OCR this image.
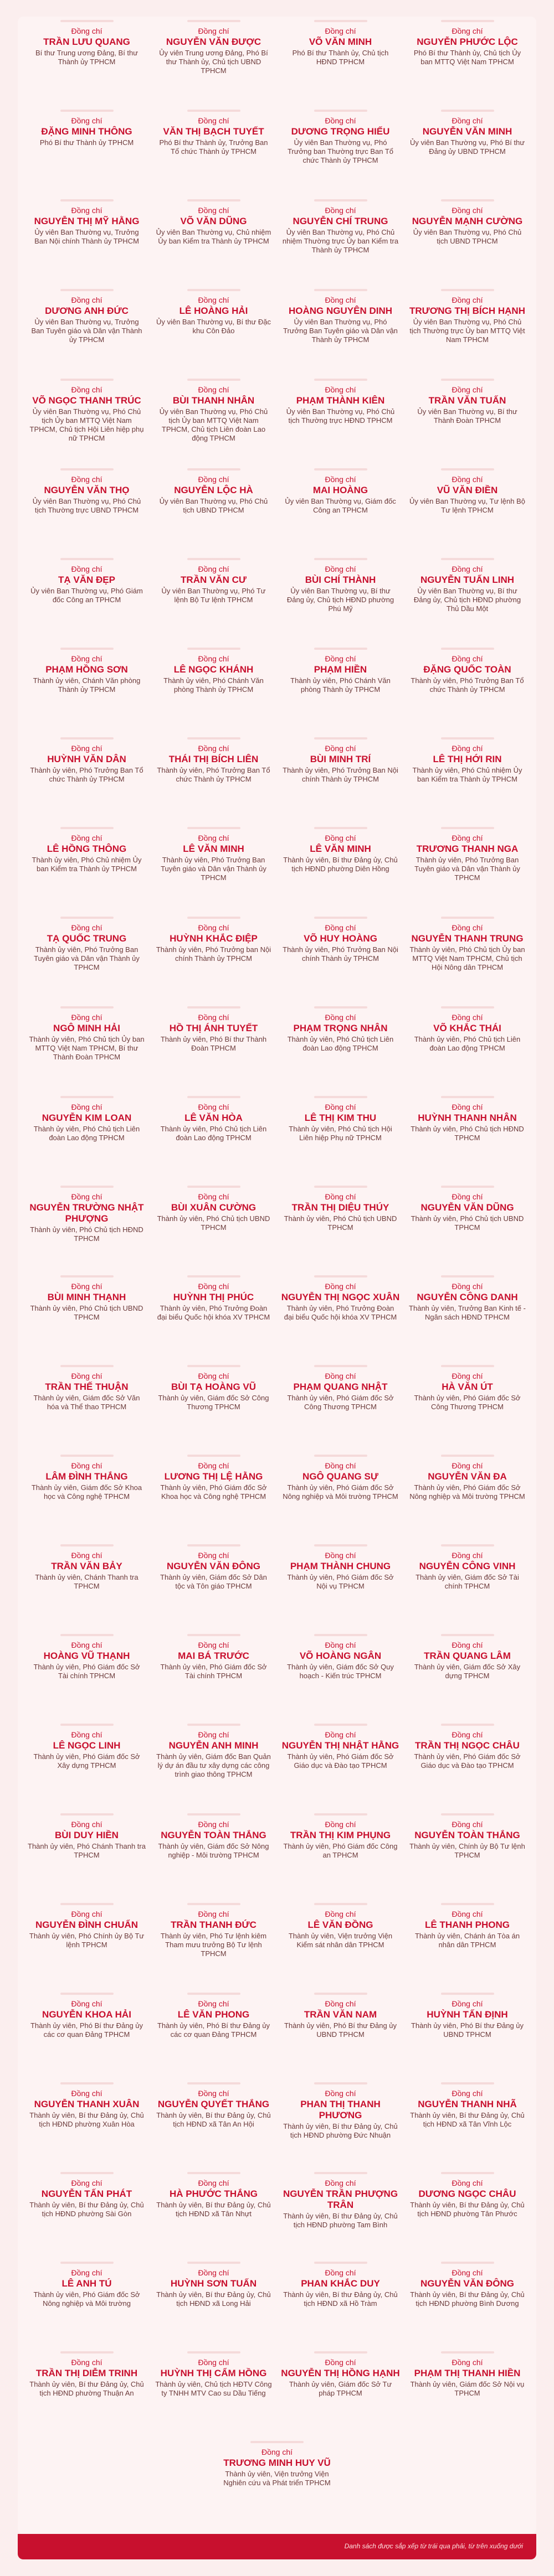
Đồng chí
TRẦN LƯU QUANG
Bí thư Trung ương Đảng, Bí thư Thành ủy TPHCM
Đồng chí
NGUYỄN VĂN ĐƯỢC
Ủy viên Trung ương Đảng, Phó Bí thư Thành ủy, Chủ tịch UBND TPHCM
Đồng chí
VÕ VĂN MINH
Phó Bí thư Thành ủy, Chủ tịch HĐND TPHCM
Đồng chí
NGUYỄN PHƯỚC LỘC
Phó Bí thư Thành ủy, Chủ tịch Ủy ban MTTQ Việt Nam TPHCM
Đồng chí
ĐẶNG MINH THÔNG
Phó Bí thư Thành ủy TPHCM
Đồng chí
VĂN THỊ BẠCH TUYẾT
Phó Bí thư Thành ủy, Trưởng Ban Tổ chức Thành ủy TPHCM
Đồng chí
DƯƠNG TRỌNG HIẾU
Ủy viên Ban Thường vụ, Phó Trưởng ban Thường trực Ban Tổ chức Thành ủy TPHCM
Đồng chí
NGUYỄN VĂN MINH
Ủy viên Ban Thường vụ, Phó Bí thư Đảng ủy UBND TPHCM
Đồng chí
NGUYỄN THỊ MỸ HẰNG
Ủy viên Ban Thường vụ, Trưởng Ban Nội chính Thành ủy TPHCM
Đồng chí
VÕ VĂN DŨNG
Ủy viên Ban Thường vụ, Chủ nhiệm Ủy ban Kiểm tra Thành ủy TPHCM
Đồng chí
NGUYỄN CHÍ TRUNG
Ủy viên Ban Thường vụ, Phó Chủ nhiệm Thường trực Ủy ban Kiểm tra Thành ủy TPHCM
Đồng chí
NGUYỄN MẠNH CƯỜNG
Ủy viên Ban Thường vụ, Phó Chủ tịch UBND TPHCM
Đồng chí
DƯƠNG ANH ĐỨC
Ủy viên Ban Thường vụ, Trưởng Ban Tuyên giáo và Dân vận Thành ủy TPHCM
Đồng chí
LÊ HOÀNG HẢI
Ủy viên Ban Thường vụ, Bí thư Đặc khu Côn Đảo
Đồng chí
HOÀNG NGUYÊN DINH
Ủy viên Ban Thường vụ, Phó Trưởng Ban Tuyên giáo và Dân vận Thành ủy TPHCM
Đồng chí
TRƯƠNG THỊ BÍCH HẠNH
Ủy viên Ban Thường vụ, Phó Chủ tịch Thường trực Ủy ban MTTQ Việt Nam TPHCM
Đồng chí
VÕ NGỌC THANH TRÚC
Ủy viên Ban Thường vụ, Phó Chủ tịch Ủy ban MTTQ Việt Nam TPHCM, Chủ tịch Hội Liên hiệp phụ nữ TPHCM
Đồng chí
BÙI THANH NHÂN
Ủy viên Ban Thường vụ, Phó Chủ tịch Ủy ban MTTQ Việt Nam TPHCM, Chủ tịch Liên đoàn Lao động TPHCM
Đồng chí
PHẠM THÀNH KIÊN
Ủy viên Ban Thường vụ, Phó Chủ tịch Thường trực HĐND TPHCM
Đồng chí
TRẦN VĂN TUẤN
Ủy viên Ban Thường vụ, Bí thư Thành Đoàn TPHCM
Đồng chí
NGUYỄN VĂN THỌ
Ủy viên Ban Thường vụ, Phó Chủ tịch Thường trực UBND TPHCM
Đồng chí
NGUYỄN LỘC HÀ
Ủy viên Ban Thường vụ, Phó Chủ tịch UBND TPHCM
Đồng chí
MAI HOÀNG
Ủy viên Ban Thường vụ, Giám đốc Công an TPHCM
Đồng chí
VŨ VĂN ĐIỀN
Ủy viên Ban Thường vụ, Tư lệnh Bộ Tư lệnh TPHCM
Đồng chí
TẠ VĂN ĐẸP
Ủy viên Ban Thường vụ, Phó Giám đốc Công an TPHCM
Đồng chí
TRẦN VĂN CƯ
Ủy viên Ban Thường vụ, Phó Tư lệnh Bộ Tư lệnh TPHCM
Đồng chí
BÙI CHÍ THÀNH
Ủy viên Ban Thường vụ, Bí thư Đảng ủy, Chủ tịch HĐND phường Phú Mỹ
Đồng chí
NGUYỄN TUẤN LINH
Ủy viên Ban Thường vụ, Bí thư Đảng ủy, Chủ tịch HĐND phường Thủ Dầu Một
Đồng chí
PHẠM HỒNG SƠN
Thành ủy viên, Chánh Văn phòng Thành ủy TPHCM
Đồng chí
LÊ NGỌC KHÁNH
Thành ủy viên, Phó Chánh Văn phòng Thành ủy TPHCM
Đồng chí
PHẠM HIỀN
Thành ủy viên, Phó Chánh Văn phòng Thành ủy TPHCM
Đồng chí
ĐẶNG QUỐC TOÀN
Thành ủy viên, Phó Trưởng Ban Tổ chức Thành ủy TPHCM
Đồng chí
HUỲNH VĂN DÂN
Thành ủy viên, Phó Trưởng Ban Tổ chức Thành ủy TPHCM
Đồng chí
THÁI THỊ BÍCH LIÊN
Thành ủy viên, Phó Trưởng Ban Tổ chức Thành ủy TPHCM
Đồng chí
BÙI MINH TRÍ
Thành ủy viên, Phó Trưởng Ban Nội chính Thành ủy TPHCM
Đồng chí
LÊ THỊ HỚI RIN
Thành ủy viên, Phó Chủ nhiệm Ủy ban Kiểm tra Thành ủy TPHCM
Đồng chí
LÊ HỒNG THÔNG
Thành ủy viên, Phó Chủ nhiệm Ủy ban Kiểm tra Thành ủy TPHCM
Đồng chí
LÊ VĂN MINH
Thành ủy viên, Phó Trưởng Ban Tuyên giáo và Dân vận Thành ủy TPHCM
Đồng chí
LÊ VĂN MINH
Thành ủy viên, Bí thư Đảng ủy, Chủ tịch HĐND phường Diên Hồng
Đồng chí
TRƯƠNG THANH NGA
Thành ủy viên, Phó Trưởng Ban Tuyên giáo và Dân vận Thành ủy TPHCM
Đồng chí
TẠ QUỐC TRUNG
Thành ủy viên, Phó Trưởng Ban Tuyên giáo và Dân vận Thành ủy TPHCM
Đồng chí
HUỲNH KHẮC ĐIỆP
Thành ủy viên, Phó Trưởng ban Nội chính Thành ủy TPHCM
Đồng chí
VÕ HUY HOÀNG
Thành ủy viên, Phó Trưởng Ban Nội chính Thành ủy TPHCM
Đồng chí
NGUYỄN THANH TRUNG
Thành ủy viên, Phó Chủ tịch Ủy ban MTTQ Việt Nam TPHCM, Chủ tịch Hội Nông dân TPHCM
Đồng chí
NGÔ MINH HẢI
Thành ủy viên, Phó Chủ tịch Ủy ban MTTQ Việt Nam TPHCM, Bí thư Thành Đoàn TPHCM
Đồng chí
HỒ THỊ ÁNH TUYẾT
Thành ủy viên, Phó Bí thư Thành Đoàn TPHCM
Đồng chí
PHẠM TRỌNG NHÂN
Thành ủy viên, Phó Chủ tịch Liên đoàn Lao động TPHCM
Đồng chí
VÕ KHẮC THÁI
Thành ủy viên, Phó Chủ tịch Liên đoàn Lao động TPHCM
Đồng chí
NGUYỄN KIM LOAN
Thành ủy viên, Phó Chủ tịch Liên đoàn Lao động TPHCM
Đồng chí
LÊ VĂN HÒA
Thành ủy viên, Phó Chủ tịch Liên đoàn Lao động TPHCM
Đồng chí
LÊ THỊ KIM THU
Thành ủy viên, Phó Chủ tịch Hội Liên hiệp Phụ nữ TPHCM
Đồng chí
HUỲNH THANH NHÂN
Thành ủy viên, Phó Chủ tịch HĐND TPHCM
Đồng chí
NGUYỄN TRƯỜNG NHẬT PHƯỢNG
Thành ủy viên, Phó Chủ tịch HĐND TPHCM
Đồng chí
BÙI XUÂN CƯỜNG
Thành ủy viên, Phó Chủ tịch UBND TPHCM
Đồng chí
TRẦN THỊ DIỆU THÚY
Thành ủy viên, Phó Chủ tịch UBND TPHCM
Đồng chí
NGUYỄN VĂN DŨNG
Thành ủy viên, Phó Chủ tịch UBND TPHCM
Đồng chí
BÙI MINH THẠNH
Thành ủy viên, Phó Chủ tịch UBND TPHCM
Đồng chí
HUỲNH THỊ PHÚC
Thành ủy viên, Phó Trưởng Đoàn đại biểu Quốc hội khóa XV TPHCM
Đồng chí
NGUYỄN THỊ NGỌC XUÂN
Thành ủy viên, Phó Trưởng Đoàn đại biểu Quốc hội khóa XV TPHCM
Đồng chí
NGUYỄN CÔNG DANH
Thành ủy viên, Trưởng Ban Kinh tế - Ngân sách HĐND TPHCM
Đồng chí
TRẦN THẾ THUẬN
Thành ủy viên, Giám đốc Sở Văn hóa và Thể thao TPHCM
Đồng chí
BÙI TẠ HOÀNG VŨ
Thành ủy viên, Giám đốc Sở Công Thương TPHCM
Đồng chí
PHẠM QUANG NHẬT
Thành ủy viên, Phó Giám đốc Sở Công Thương TPHCM
Đồng chí
HÀ VĂN ÚT
Thành ủy viên, Phó Giám đốc Sở Công Thương TPHCM
Đồng chí
LÂM ĐÌNH THẮNG
Thành ủy viên, Giám đốc Sở Khoa học và Công nghệ TPHCM
Đồng chí
LƯƠNG THỊ LỆ HẰNG
Thành ủy viên, Phó Giám đốc Sở Khoa học và Công nghệ TPHCM
Đồng chí
NGÔ QUANG SỰ
Thành ủy viên, Phó Giám đốc Sở Nông nghiệp và Môi trường TPHCM
Đồng chí
NGUYỄN VĂN ĐA
Thành ủy viên, Phó Giám đốc Sở Nông nghiệp và Môi trường TPHCM
Đồng chí
TRẦN VĂN BẢY
Thành ủy viên, Chánh Thanh tra TPHCM
Đồng chí
NGUYỄN VĂN ĐÔNG
Thành ủy viên, Giám đốc Sở Dân tộc và Tôn giáo TPHCM
Đồng chí
PHẠM THÀNH CHUNG
Thành ủy viên, Phó Giám đốc Sở Nội vụ TPHCM
Đồng chí
NGUYỄN CÔNG VINH
Thành ủy viên, Giám đốc Sở Tài chính TPHCM
Đồng chí
HOÀNG VŨ THẠNH
Thành ủy viên, Phó Giám đốc Sở Tài chính TPHCM
Đồng chí
MAI BÁ TRƯỚC
Thành ủy viên, Phó Giám đốc Sở Tài chính TPHCM
Đồng chí
VÕ HOÀNG NGÂN
Thành ủy viên, Giám đốc Sở Quy hoạch - Kiến trúc TPHCM
Đồng chí
TRẦN QUANG LÂM
Thành ủy viên, Giám đốc Sở Xây dựng TPHCM
Đồng chí
LÊ NGỌC LINH
Thành ủy viên, Phó Giám đốc Sở Xây dựng TPHCM
Đồng chí
NGUYỄN ANH MINH
Thành ủy viên, Giám đốc Ban Quản lý dự án đầu tư xây dựng các công trình giao thông TPHCM
Đồng chí
NGUYỄN THỊ NHẬT HẰNG
Thành ủy viên, Phó Giám đốc Sở Giáo dục và Đào tạo TPHCM
Đồng chí
TRẦN THỊ NGỌC CHÂU
Thành ủy viên, Phó Giám đốc Sở Giáo dục và Đào tạo TPHCM
Đồng chí
BÙI DUY HIỀN
Thành ủy viên, Phó Chánh Thanh tra TPHCM
Đồng chí
NGUYỄN TOÀN THẮNG
Thành ủy viên, Giám đốc Sở Nông nghiệp - Môi trường TPHCM
Đồng chí
TRẦN THỊ KIM PHỤNG
Thành ủy viên, Phó Giám đốc Công an TPHCM
Đồng chí
NGUYỄN TOÀN THẮNG
Thành ủy viên, Chính ủy Bộ Tư lệnh TPHCM
Đồng chí
NGUYỄN ĐÌNH CHUẨN
Thành ủy viên, Phó Chính ủy Bộ Tư lệnh TPHCM
Đồng chí
TRẦN THANH ĐỨC
Thành ủy viên, Phó Tư lệnh kiêm Tham mưu trưởng Bộ Tư lệnh TPHCM
Đồng chí
LÊ VĂN ĐỒNG
Thành ủy viên, Viện trưởng Viện Kiểm sát nhân dân TPHCM
Đồng chí
LÊ THANH PHONG
Thành ủy viên, Chánh án Tòa án nhân dân TPHCM
Đồng chí
NGUYỄN KHOA HẢI
Thành ủy viên, Phó Bí thư Đảng ủy các cơ quan Đảng TPHCM
Đồng chí
LÊ VĂN PHONG
Thành ủy viên, Phó Bí thư Đảng ủy các cơ quan Đảng TPHCM
Đồng chí
TRẦN VĂN NAM
Thành ủy viên, Phó Bí thư Đảng ủy UBND TPHCM
Đồng chí
HUỲNH TẤN ĐỊNH
Thành ủy viên, Phó Bí thư Đảng ủy UBND TPHCM
Đồng chí
NGUYỄN THANH XUÂN
Thành ủy viên, Bí thư Đảng ủy, Chủ tịch HĐND phường Xuân Hòa
Đồng chí
NGUYỄN QUYẾT THẮNG
Thành ủy viên, Bí thư Đảng ủy, Chủ tịch HĐND xã Tân An Hội
Đồng chí
PHAN THỊ THANH PHƯƠNG
Thành ủy viên, Bí thư Đảng ủy, Chủ tịch HĐND phường Đức Nhuận
Đồng chí
NGUYỄN THANH NHÃ
Thành ủy viên, Bí thư Đảng ủy, Chủ tịch HĐND xã Tân Vĩnh Lộc
Đồng chí
NGUYỄN TẤN PHÁT
Thành ủy viên, Bí thư Đảng ủy, Chủ tịch HĐND phường Sài Gòn
Đồng chí
HÀ PHƯỚC THẮNG
Thành ủy viên, Bí thư Đảng ủy, Chủ tịch HĐND xã Tân Nhựt
Đồng chí
NGUYỄN TRẦN PHƯỢNG TRÂN
Thành ủy viên, Bí thư Đảng ủy, Chủ tịch HĐND phường Tam Bình
Đồng chí
DƯƠNG NGỌC CHÂU
Thành ủy viên, Bí thư Đảng ủy, Chủ tịch HĐND phường Tân Phước
Đồng chí
LÊ ANH TÚ
Thành ủy viên, Phó Giám đốc Sở Nông nghiệp và Môi trường
Đồng chí
HUỲNH SƠN TUẤN
Thành ủy viên, Bí thư Đảng ủy, Chủ tịch HĐND xã Long Hải
Đồng chí
PHAN KHẮC DUY
Thành ủy viên, Bí thư Đảng ủy, Chủ tịch HĐND xã Hồ Tràm
Đồng chí
NGUYỄN VĂN ĐÔNG
Thành ủy viên, Bí thư Đảng ủy, Chủ tịch HĐND phường Bình Dương
Đồng chí
TRẦN THỊ DIỄM TRINH
Thành ủy viên, Bí thư Đảng ủy, Chủ tịch HĐND phường Thuận An
Đồng chí
HUỲNH THỊ CẨM HỒNG
Thành ủy viên, Chủ tịch HĐTV Công ty TNHH MTV Cao su Dầu Tiếng
Đồng chí
NGUYỄN THỊ HỒNG HẠNH
Thành ủy viên, Giám đốc Sở Tư pháp TPHCM
Đồng chí
PHẠM THỊ THANH HIỀN
Thành ủy viên, Giám đốc Sở Nội vụ TPHCM
Đồng chí
TRƯƠNG MINH HUY VŨ
Thành ủy viên, Viện trưởng Viện Nghiên cứu và Phát triển TPHCM
Danh sách được sắp xếp từ trái qua phải, từ trên xuống dưới
